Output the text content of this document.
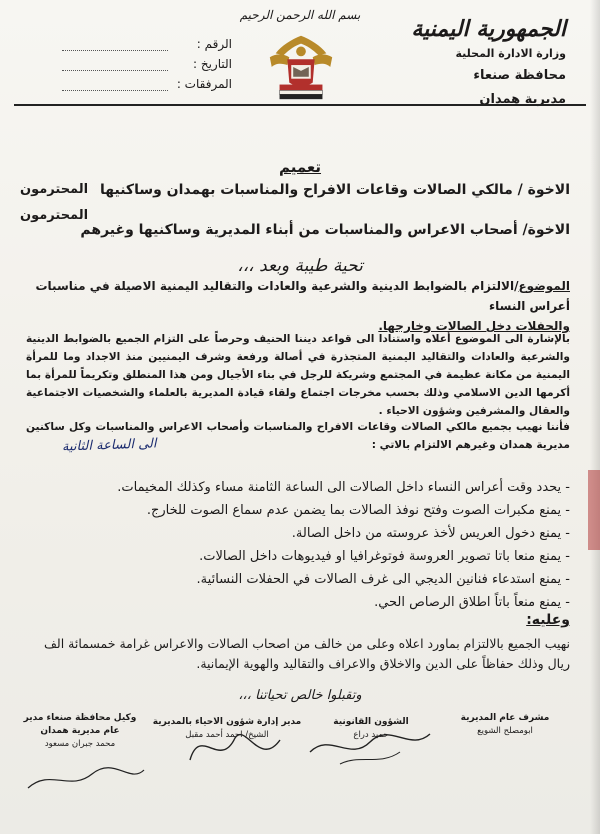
الجمهورية اليمنية
وزارة الادارة المحلية
محافظة صنعاء
مديرية همدان
بسم الله الرحمن الرحيم
الرقم :
التاريخ :
المرفقات :
تعميم
الاخوة / مالكي الصالات وقاعات الافراح والمناسبات بهمدان وساكنيها
المحترمون
الاخوة/ أصحاب الاعراس والمناسبات من أبناء المديرية وساكنيها وغيرهم
المحترمون
تحية طيبة وبعد ،،،
الموضوع/الالتزام بالضوابط الدينية والشرعية والعادات والتقاليد اليمنية الاصيلة في مناسبات أعراس النساء
والحفلات دخل الصالات وخارجها.
بالإشارة الى الموضوع أعلاه واستنادا الى قواعد ديننا الحنيف وحرصاً على التزام الجميع بالضوابط الدينية والشرعية والعادات والتقاليد اليمنية المتجذرة في أصالة ورفعة وشرف اليمنيين منذ الاجداد وما للمرأة اليمنية من مكانة عظيمة في المجتمع وشريكة للرجل في بناء الأجيال ومن هذا المنطلق وتكريماً للمرأة بما أكرمها الدين الاسلامي وذلك بحسب مخرجات اجتماع ولقاء قيادة المديرية بالعلماء والشخصيات الاجتماعية والعقال والمشرفين وشؤون الاحياء .
فأننا نهيب بجميع مالكي الصالات وقاعات الافراح والمناسبات وأصحاب الاعراس والمناسبات وكل ساكنين مديرية همدان وغيرهم الالتزام بالاتي :
الى الساعة الثانية
- يحدد وقت أعراس النساء داخل الصالات الى الساعة الثامنة مساء وكذلك المخيمات.
- يمنع مكبرات الصوت وفتح نوفذ الصالات بما يضمن عدم سماع الصوت للخارج.
- يمنع دخول العريس لأخذ عروسته من داخل الصالة.
- يمنع منعا باتا تصوير العروسة فوتوغرافيا او فيديوهات داخل الصالات.
- يمنع استدعاء فنانين الديجي الى غرف الصالات في الحفلات النسائية.
- يمنع منعاً باتاً اطلاق الرصاص الحي.
وعليه:
نهيب الجميع بالالتزام بماورد اعلاه وعلى من خالف من اصحاب الصالات والاعراس غرامة خمسمائة الف ريال وذلك حفاظاً على الدين والاخلاق والاعراف والتقاليد والهوية الإيمانية.
وتقبلوا خالص تحياتنا ،،،
مشرف عام المديرية
ابومصلح الشويع
الشؤون القانونية
حميد دراع
مدير إدارة شؤون الاحياء بالمديرية
الشيخ/ احمد أحمد مقبل
وكيل محافظة صنعاء مدير عام مديرية همدان
محمد جبران مسعود
